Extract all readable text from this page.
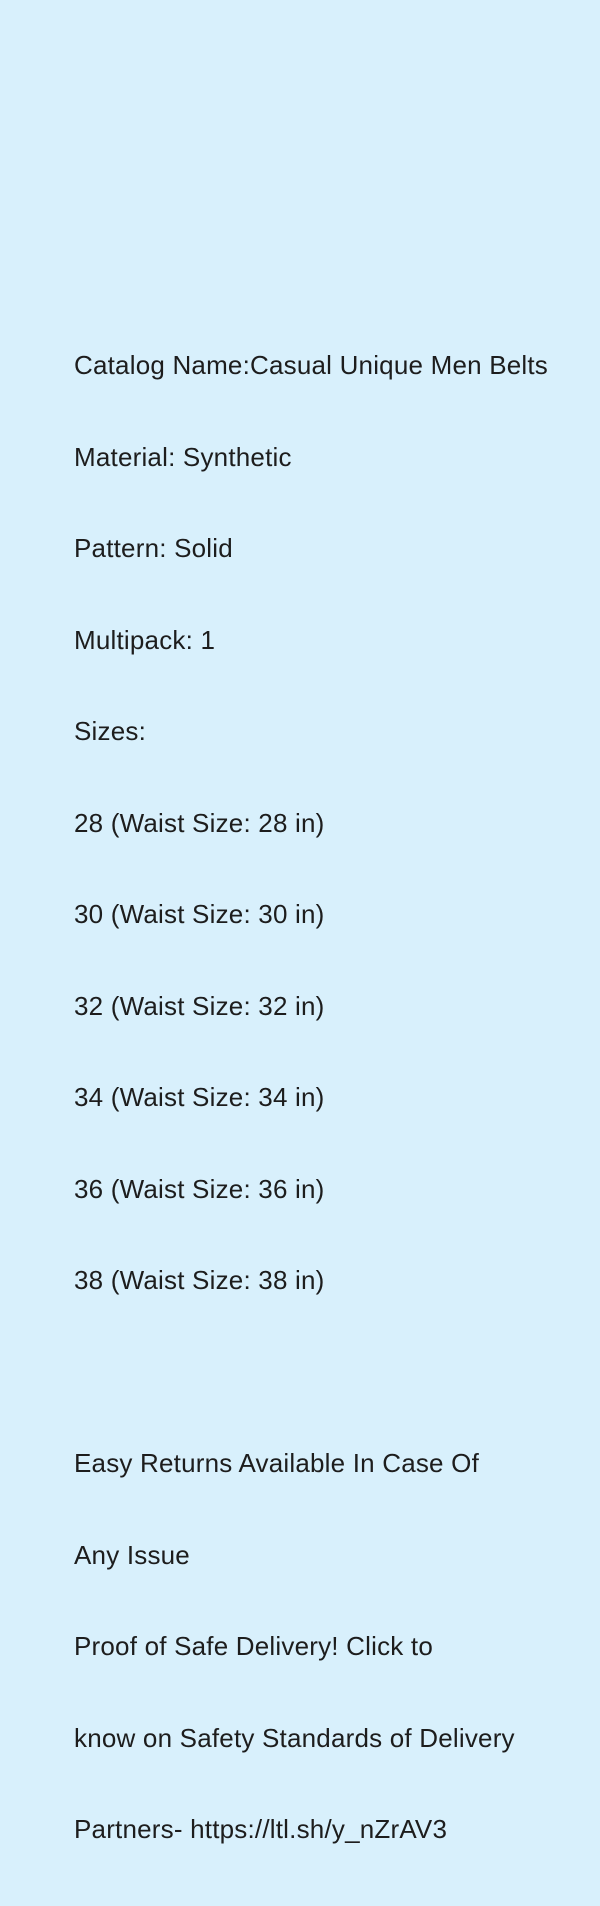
Catalog Name:Casual Unique Men Belts

Material: Synthetic

Pattern: Solid

Multipack: 1

Sizes:

28 (Waist Size: 28 in)

30 (Waist Size: 30 in)

32 (Waist Size: 32 in)

34 (Waist Size: 34 in)

36 (Waist Size: 36 in)

38 (Waist Size: 38 in)

Easy Returns Available In Case Of

Any Issue

Proof of Safe Delivery! Click to

know on Safety Standards of Delivery

Partners- https://ltl.sh/y_nZrAV3
